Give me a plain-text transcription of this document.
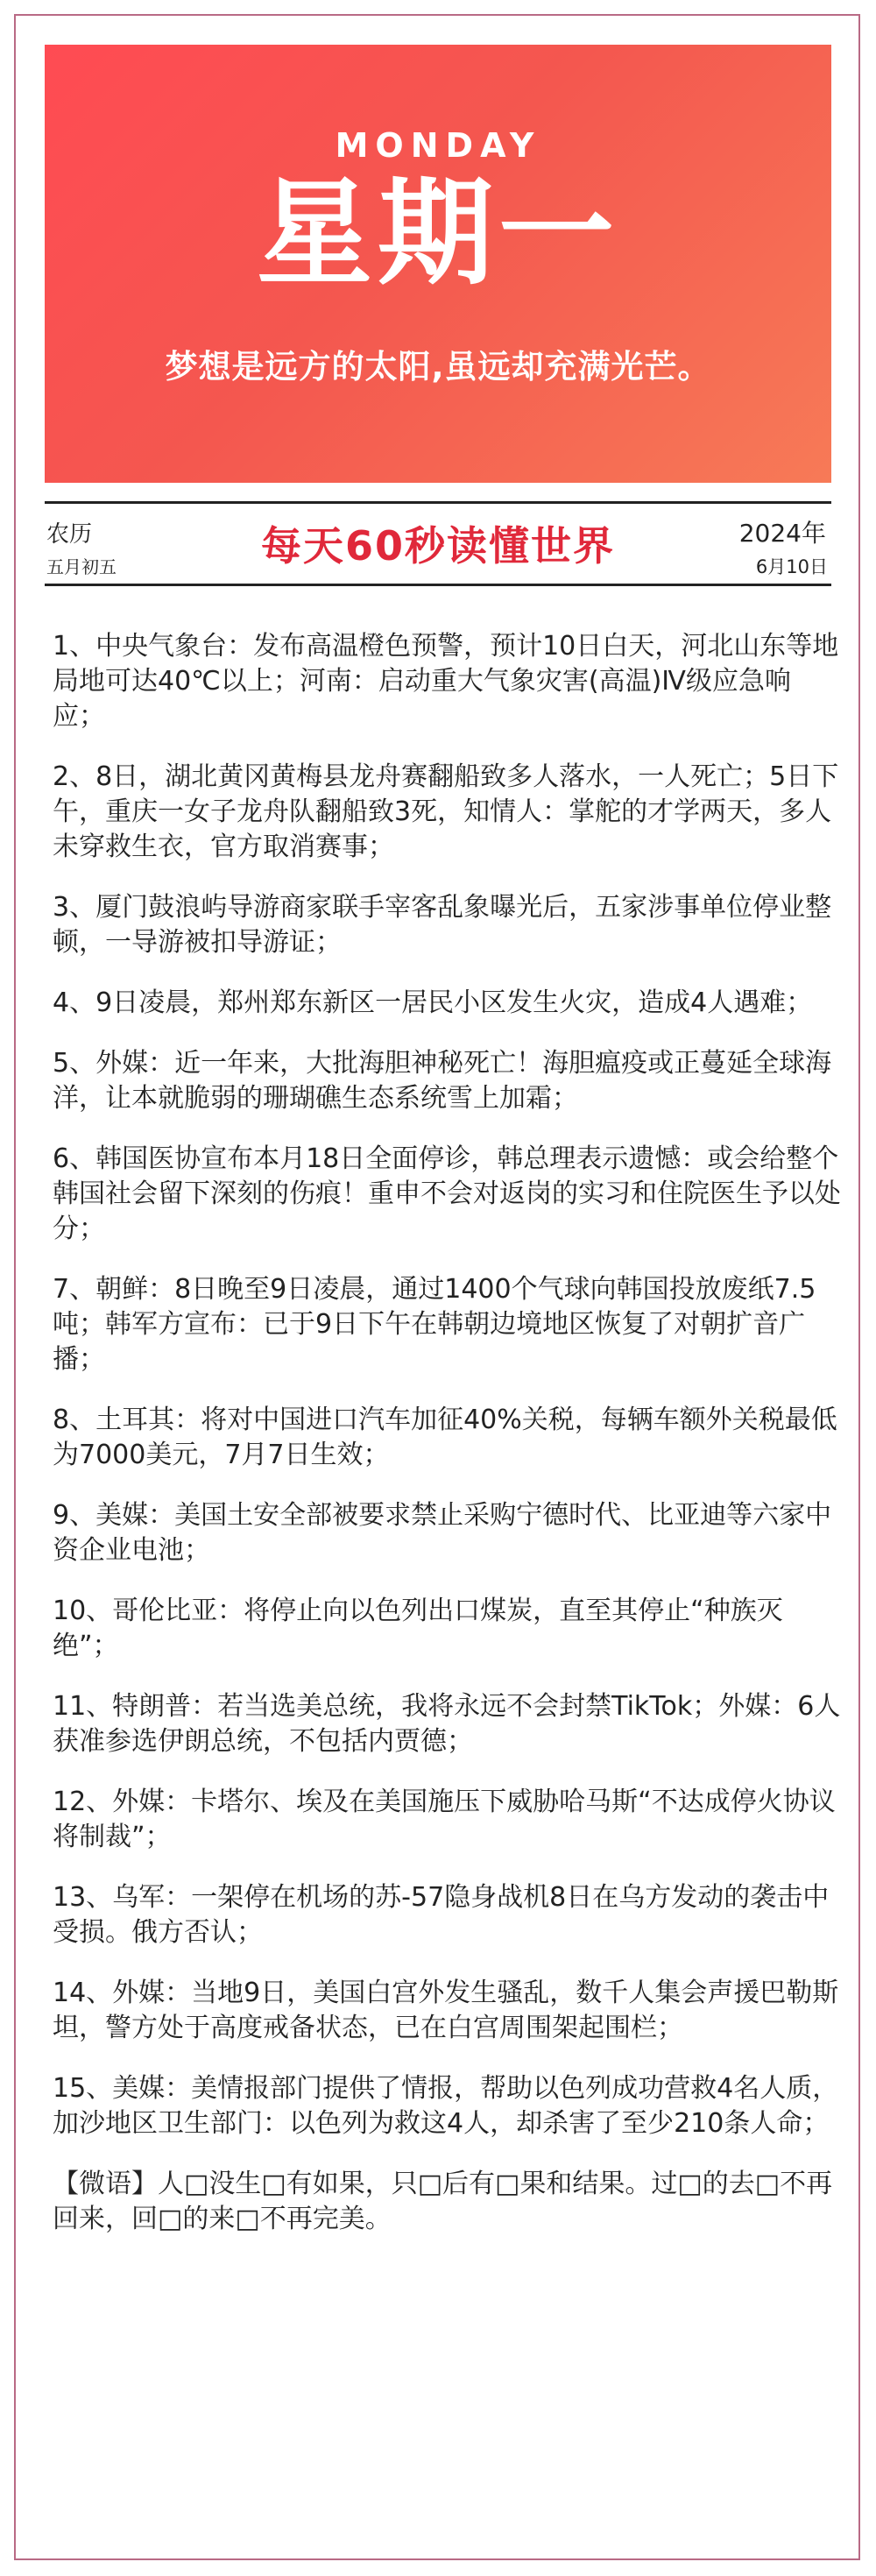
MONDAY
星期一
梦想是远方的太阳,虽远却充满光芒。
农历
五月初五	每天60秒读懂世界	2024年
6月10日

1、中央气象台：发布高温橙色预警，预计10日白天，河北山东等地局地可达40℃以上；河南：启动重大气象灾害(高温)Ⅳ级应急响应；

2、8日，湖北黄冈黄梅县龙舟赛翻船致多人落水，一人死亡；5日下午，重庆一女子龙舟队翻船致3死，知情人：掌舵的才学两天，多人未穿救生衣，官方取消赛事；

3、厦门鼓浪屿导游商家联手宰客乱象曝光后，五家涉事单位停业整顿，一导游被扣导游证；

4、9日凌晨，郑州郑东新区一居民小区发生火灾，造成4人遇难；

5、外媒：近一年来，大批海胆神秘死亡！海胆瘟疫或正蔓延全球海洋，让本就脆弱的珊瑚礁生态系统雪上加霜；

6、韩国医协宣布本月18日全面停诊，韩总理表示遗憾：或会给整个韩国社会留下深刻的伤痕！重申不会对返岗的实习和住院医生予以处分；

7、朝鲜：8日晚至9日凌晨，通过1400个气球向韩国投放废纸7.5吨；韩军方宣布：已于9日下午在韩朝边境地区恢复了对朝扩音广播；

8、土耳其：将对中国进口汽车加征40%关税，每辆车额外关税最低为7000美元，7月7日生效；

9、美媒：美国土安全部被要求禁止采购宁德时代、比亚迪等六家中资企业电池；

10、哥伦比亚：将停止向以色列出口煤炭，直至其停止“种族灭绝”；

11、特朗普：若当选美总统，我将永远不会封禁TikTok；外媒：6人获准参选伊朗总统，不包括内贾德；

12、外媒：卡塔尔、埃及在美国施压下威胁哈马斯“不达成停火协议将制裁”；

13、乌军：一架停在机场的苏-57隐身战机8日在乌方发动的袭击中受损。俄方否认；

14、外媒：当地9日，美国白宫外发生骚乱，数千人集会声援巴勒斯坦，警方处于高度戒备状态，已在白宫周围架起围栏；

15、美媒：美情报部门提供了情报，帮助以色列成功营救4名人质，加沙地区卫生部门：以色列为救这4人，却杀害了至少210条人命；

【微语】人□没生□有如果，只□后有□果和结果。过□的去□不再回来，回□的来□不再完美。
